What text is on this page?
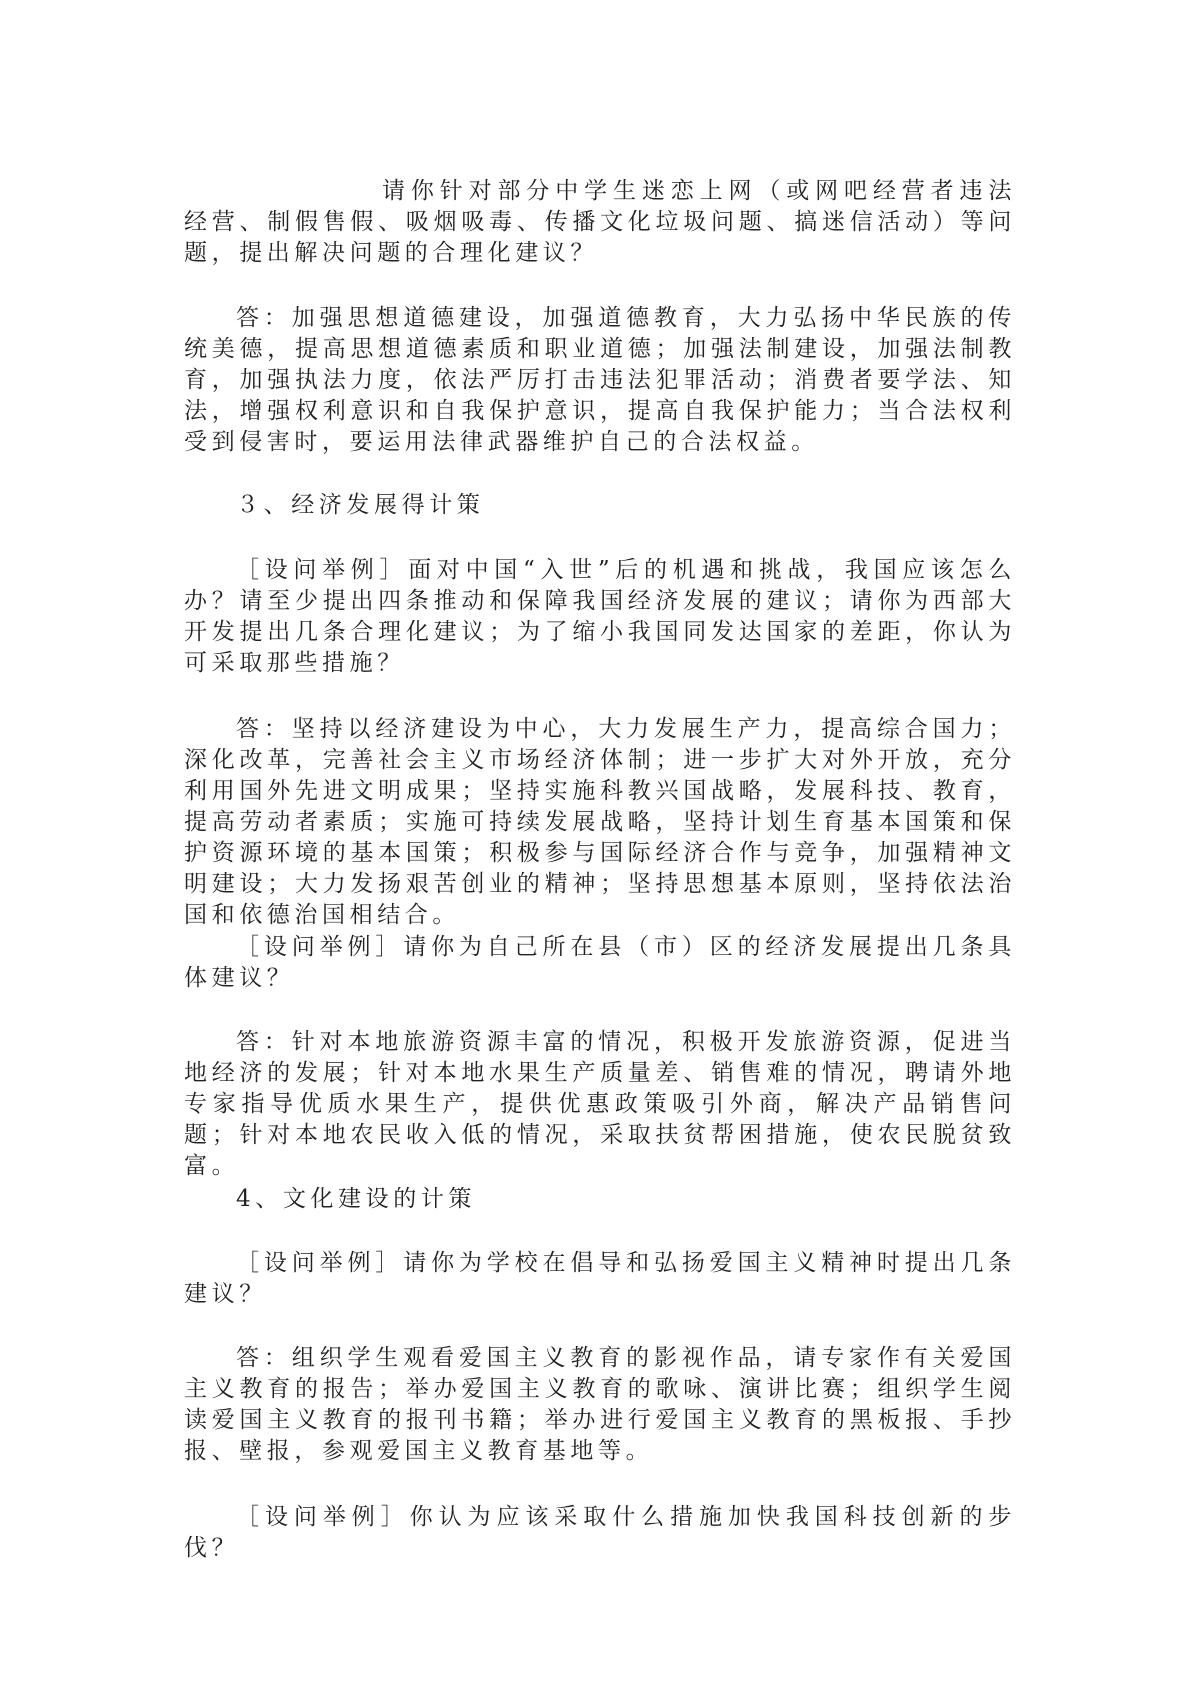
请你针对部分中学生迷恋上网（或网吧经营者违法经营、制假售假、吸烟吸毒、传播文化垃圾问题、搞迷信活动）等问题，提出解决问题的合理化建议？

答：加强思想道德建设，加强道德教育，大力弘扬中华民族的传统美德，提高思想道德素质和职业道德；加强法制建设，加强法制教育，加强执法力度，依法严厉打击违法犯罪活动；消费者要学法、知法，增强权利意识和自我保护意识，提高自我保护能力；当合法权利受到侵害时，要运用法律武器维护自己的合法权益。

３、经济发展得计策

［设问举例］面对中国“入世”后的机遇和挑战，我国应该怎么办？请至少提出四条推动和保障我国经济发展的建议；请你为西部大开发提出几条合理化建议；为了缩小我国同发达国家的差距，你认为可采取那些措施？

答：坚持以经济建设为中心，大力发展生产力，提高综合国力；深化改革，完善社会主义市场经济体制；进一步扩大对外开放，充分利用国外先进文明成果；坚持实施科教兴国战略，发展科技、教育，提高劳动者素质；实施可持续发展战略，坚持计划生育基本国策和保护资源环境的基本国策；积极参与国际经济合作与竞争，加强精神文明建设；大力发扬艰苦创业的精神；坚持思想基本原则，坚持依法治国和依德治国相结合。

［设问举例］请你为自己所在县（市）区的经济发展提出几条具体建议？

答：针对本地旅游资源丰富的情况，积极开发旅游资源，促进当地经济的发展；针对本地水果生产质量差、销售难的情况，聘请外地专家指导优质水果生产，提供优惠政策吸引外商，解决产品销售问题；针对本地农民收入低的情况，采取扶贫帮困措施，使农民脱贫致富。

4、文化建设的计策

［设问举例］请你为学校在倡导和弘扬爱国主义精神时提出几条建议？

答：组织学生观看爱国主义教育的影视作品，请专家作有关爱国主义教育的报告；举办爱国主义教育的歌咏、演讲比赛；组织学生阅读爱国主义教育的报刊书籍；举办进行爱国主义教育的黑板报、手抄报、壁报，参观爱国主义教育基地等。

［设问举例］你认为应该采取什么措施加快我国科技创新的步伐？
